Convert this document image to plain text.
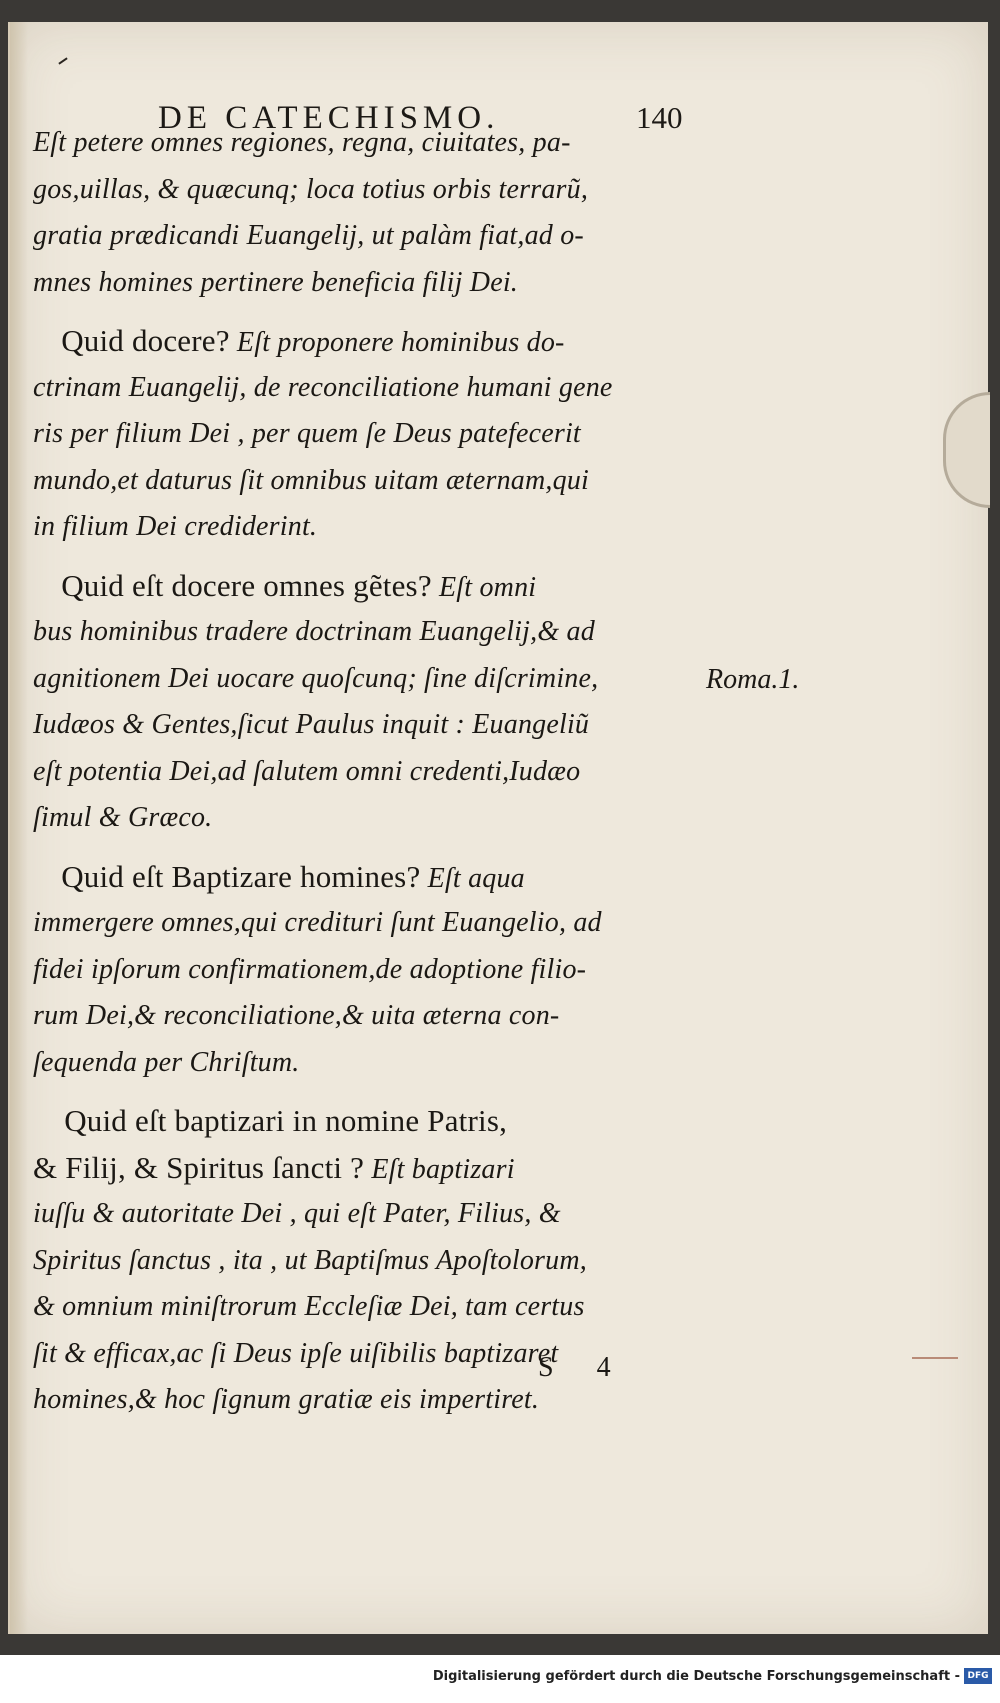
DE CATECHISMO.	140
Eſt petere omnes regiones, regna, ciuitates, pa-
gos,uillas, & quæcunq; loca totius orbis terrarũ,
gratia prædicandi Euangelij, ut palàm fiat,ad o-
mnes homines pertinere beneficia filij Dei.
 Quid docere? Eſt proponere hominibus do-
ctrinam Euangelij, de reconciliatione humani gene
ris per filium Dei , per quem ſe Deus patefecerit
mundo,et daturus ſit omnibus uitam æternam,qui
in filium Dei crediderint.
 Quid eſt docere omnes gẽtes? Eſt omni
bus hominibus tradere doctrinam Euangelij,& ad
agnitionem Dei uocare quoſcunq; ſine diſcrimine,
Iudæos & Gentes,ſicut Paulus inquit : Euangeliũ
eſt potentia Dei,ad ſalutem omni credenti,Iudæo
ſimul & Græco.
 Quid eſt Baptizare homines? Eſt aqua
immergere omnes,qui credituri ſunt Euangelio, ad
fidei ipſorum confirmationem,de adoptione filio-
rum Dei,& reconciliatione,& uita æterna con-
ſequenda per Chriſtum.
 Quid eſt baptizari in nomine Patris,
& Filij, & Spiritus ſancti ? Eſt baptizari
iuſſu & autoritate Dei , qui eſt Pater, Filius, &
Spiritus ſanctus , ita , ut Baptiſmus Apoſtolorum,
& omnium miniſtrorum Eccleſiæ Dei, tam certus
ſit & efficax,ac ſi Deus ipſe uiſibilis baptizaret
homines,& hoc ſignum gratiæ eis impertiret.
Roma.1.
S 4
Digitalisierung gefördert durch die Deutsche Forschungsgemeinschaft - DFG
